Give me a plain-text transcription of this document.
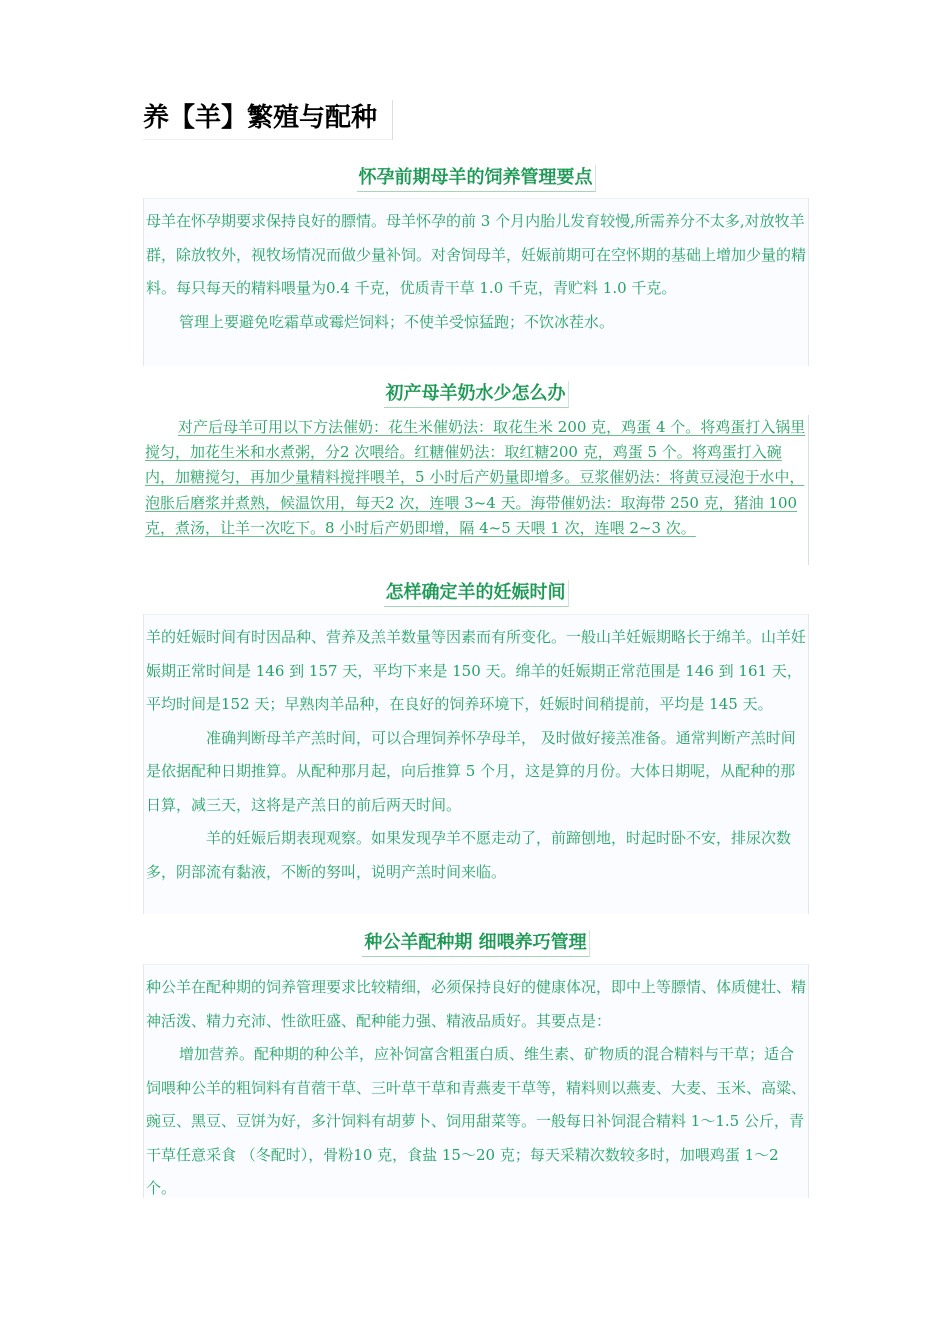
养【羊】繁殖与配种
怀孕前期母羊的饲养管理要点

母羊在怀孕期要求保持良好的膘情。母羊怀孕的前 3 个月内胎儿发育较慢,所需养分不太多,对放牧羊群，除放牧外，视牧场情况而做少量补饲。对舍饲母羊，妊娠前期可在空怀期的基础上增加少量的精料。每只每天的精料喂量为0.4 千克，优质青干草 1.0 千克，青贮料 1.0 千克。

管理上要避免吃霜草或霉烂饲料；不使羊受惊猛跑；不饮冰茬水。

初产母羊奶水少怎么办

对产后母羊可用以下方法催奶：花生米催奶法：取花生米 200 克，鸡蛋 4 个。将鸡蛋打入锅里搅匀，加花生米和水煮粥，分2 次喂给。红糖催奶法：取红糖200 克，鸡蛋 5 个。将鸡蛋打入碗内，加糖搅匀，再加少量精料搅拌喂羊，5 小时后产奶量即增多。豆浆催奶法：将黄豆浸泡于水中，泡胀后磨浆并煮熟，候温饮用，每天2 次，连喂 3~4 天。海带催奶法：取海带 250 克，猪油 100 克，煮汤，让羊一次吃下。8 小时后产奶即增，隔 4~5 天喂 1 次，连喂 2~3 次。

怎样确定羊的妊娠时间

羊的妊娠时间有时因品种、营养及羔羊数量等因素而有所变化。一般山羊妊娠期略长于绵羊。山羊妊娠期正常时间是 146 到 157 天，平均下来是 150 天。绵羊的妊娠期正常范围是 146 到 161 天，平均时间是152 天；早熟肉羊品种，在良好的饲养环境下，妊娠时间稍提前，平均是 145 天。

准确判断母羊产羔时间，可以合理饲养怀孕母羊， 及时做好接羔准备。通常判断产羔时间是依据配种日期推算。从配种那月起，向后推算 5 个月，这是算的月份。大体日期呢，从配种的那日算，减三天，这将是产羔日的前后两天时间。

羊的妊娠后期表现观察。如果发现孕羊不愿走动了，前蹄刨地，时起时卧不安，排尿次数多，阴部流有黏液，不断的努叫，说明产羔时间来临。

种公羊配种期 细喂养巧管理

种公羊在配种期的饲养管理要求比较精细，必须保持良好的健康体况，即中上等膘情、体质健壮、精神活泼、精力充沛、性欲旺盛、配种能力强、精液品质好。其要点是：

增加营养。配种期的种公羊，应补饲富含粗蛋白质、维生素、矿物质的混合精料与干草；适合饲喂种公羊的粗饲料有苜蓿干草、三叶草干草和青燕麦干草等，精料则以燕麦、大麦、玉米、高粱、豌豆、黑豆、豆饼为好，多汁饲料有胡萝卜、饲用甜菜等。一般每日补饲混合精料 1～1.5 公斤，青干草任意采食 （冬配时），骨粉10 克，食盐 15～20 克；每天采精次数较多时，加喂鸡蛋 1～2 个。
